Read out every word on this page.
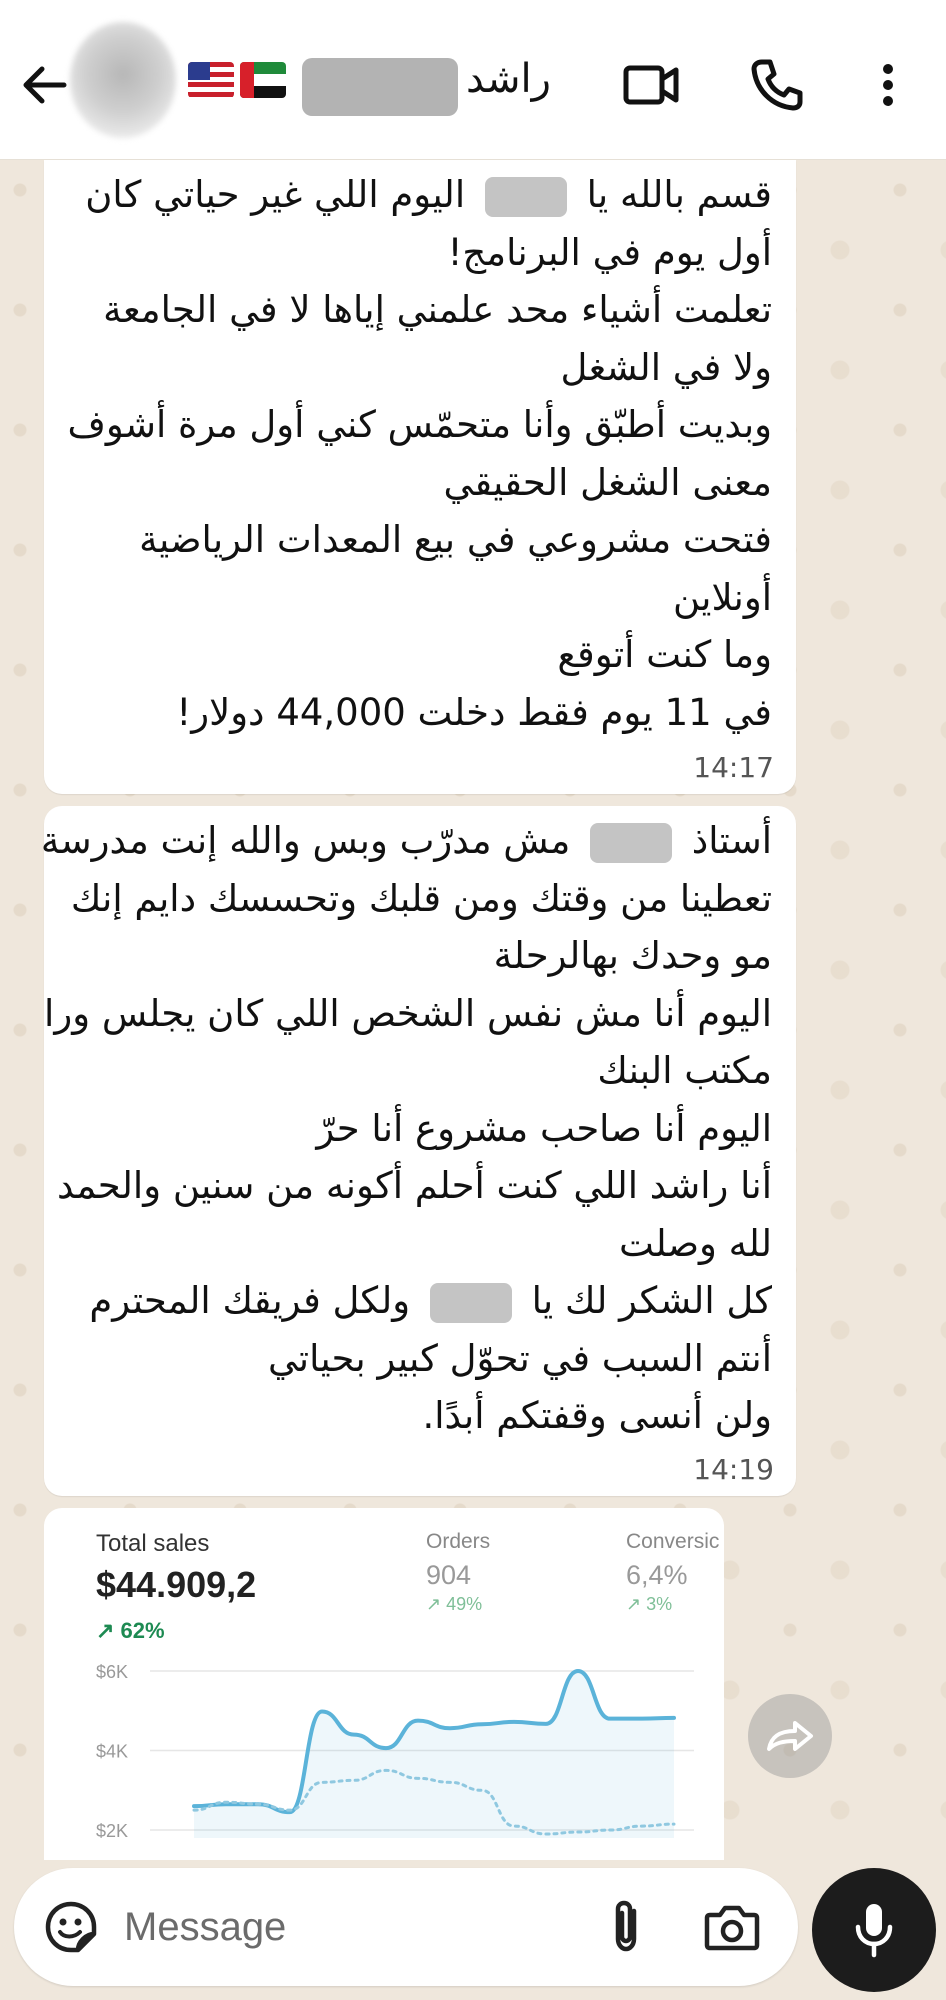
راشد
قسم بالله يا  اليوم اللي غير حياتي كان
أول يوم في البرنامج!
تعلمت أشياء محد علمني إياها لا في الجامعة
ولا في الشغل
وبديت أطبّق وأنا متحمّس كني أول مرة أشوف
معنى الشغل الحقيقي
فتحت مشروعي في بيع المعدات الرياضية
أونلاين
وما كنت أتوقع
في 11 يوم فقط دخلت 44,000 دولار!
14:17
أستاذ  مش مدرّب وبس والله إنت مدرسة
تعطينا من وقتك ومن قلبك وتحسسك دايم إنك
مو وحدك بهالرحلة
اليوم أنا مش نفس الشخص اللي كان يجلس ورا
مكتب البنك
اليوم أنا صاحب مشروع أنا حرّ
أنا راشد اللي كنت أحلم أكونه من سنين والحمد
لله وصلت
كل الشكر لك يا  ولكل فريقك المحترم
أنتم السبب في تحوّل كبير بحياتي
ولن أنسى وقفتكم أبدًا.
14:19
Total sales
$44.909,2
↗ 62%
Orders
904
↗ 49%
Conversic
6,4%
↗ 3%
$6K
$4K
$2K
Message
